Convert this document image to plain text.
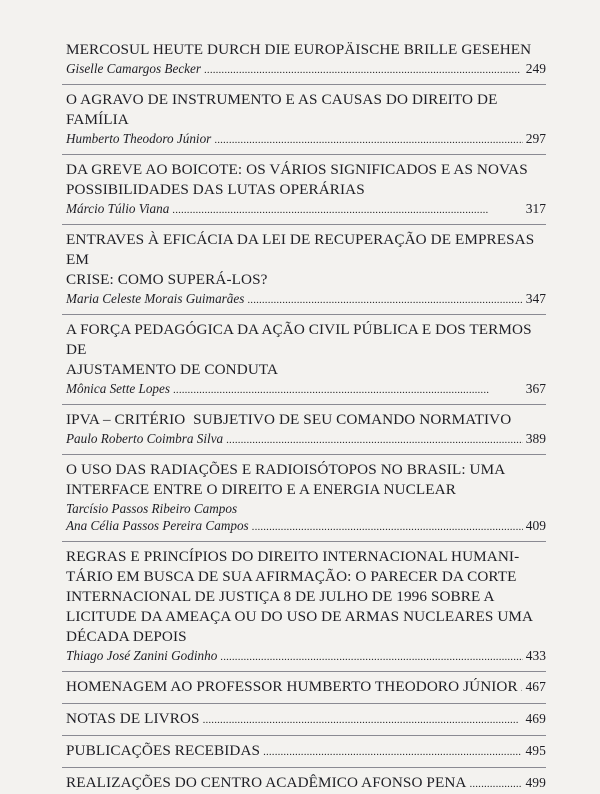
MERCOSUL HEUTE DURCH DIE EUROPÄISCHE BRILLE GESEHEN
Giselle Camargos Becker . . .	249
O AGRAVO DE INSTRUMENTO E AS CAUSAS DO DIREITO DE FAMÍLIA
Humberto Theodoro Júnior . . .	297
DA GREVE AO BOICOTE: OS VÁRIOS SIGNIFICADOS E AS NOVAS
POSSIBILIDADES DAS LUTAS OPERÁRIAS
Márcio Túlio Viana . . .	317
ENTRAVES À EFICÁCIA DA LEI DE RECUPERAÇÃO DE EMPRESAS EM
CRISE: COMO SUPERÁ-LOS?
Maria Celeste Morais Guimarães . . .	347
A FORÇA PEDAGÓGICA DA AÇÃO CIVIL PÚBLICA E DOS TERMOS DE
AJUSTAMENTO DE CONDUTA
Mônica Sette Lopes . . .	367
IPVA – CRITÉRIO  SUBJETIVO DE SEU COMANDO NORMATIVO
Paulo Roberto Coimbra Silva . . .	389
O USO DAS RADIAÇÕES E RADIOISÓTOPOS NO BRASIL: UMA
INTERFACE ENTRE O DIREITO E A ENERGIA NUCLEAR
Tarcísio Passos Ribeiro Campos
Ana Célia Passos Pereira Campos . . .	409
REGRAS E PRINCÍPIOS DO DIREITO INTERNACIONAL HUMANI-
TÁRIO EM BUSCA DE SUA AFIRMAÇÃO: O PARECER DA CORTE
INTERNACIONAL DE JUSTIÇA 8 DE JULHO DE 1996 SOBRE A
LICITUDE DA AMEAÇA OU DO USO DE ARMAS NUCLEARES UMA
DÉCADA DEPOIS
Thiago José Zanini Godinho . . .	433
HOMENAGEM AO PROFESSOR HUMBERTO THEODORO JÚNIOR . . . 467
NOTAS DE LIVROS . . .	469
PUBLICAÇÕES RECEBIDAS . . .	495
REALIZAÇÕES DO CENTRO ACADÊMICO AFONSO PENA . . .	499
